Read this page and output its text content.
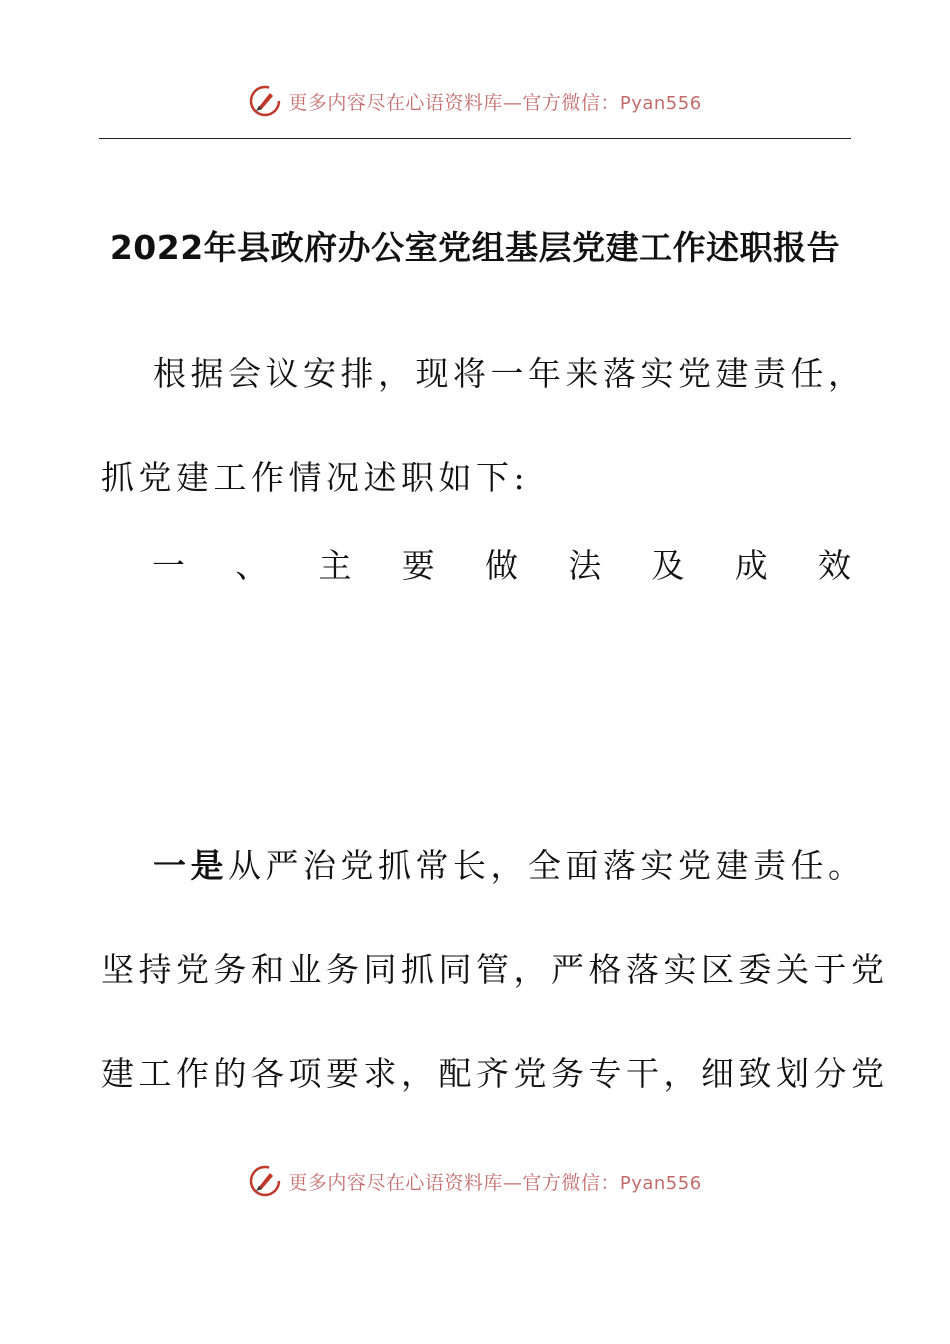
更多内容尽在心语资料库—官方微信：Pyan556
2022年县政府办公室党组基层党建工作述职报告
根据会议安排，现将一年来落实党建责任，
抓党建工作情况述职如下:
一 、 主 要 做 法 及 成 效
一是从严治党抓常长，全面落实党建责任。
坚持党务和业务同抓同管，严格落实区委关于党
建工作的各项要求，配齐党务专干，细致划分党
更多内容尽在心语资料库—官方微信：Pyan556
